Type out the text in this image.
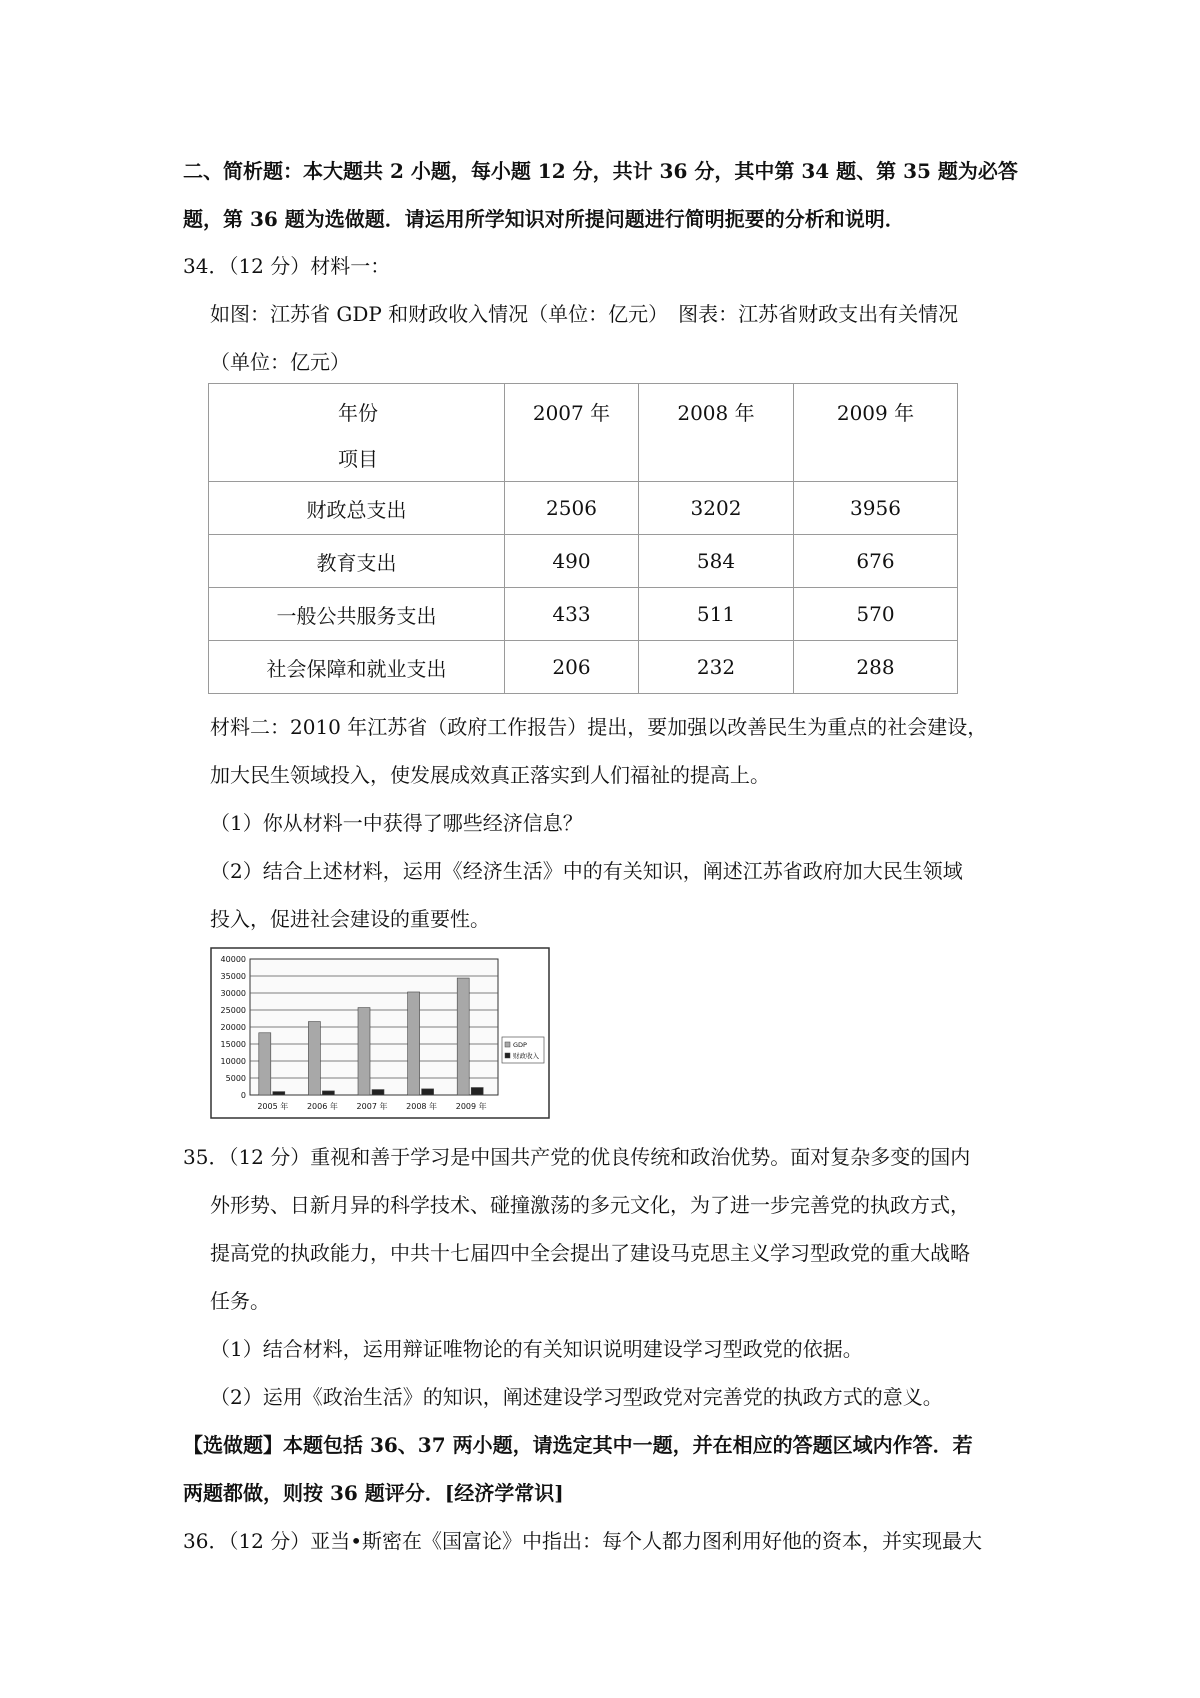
二、简析题：本大题共 2 小题，每小题 12 分，共计 36 分，其中第 34 题、第 35 题为必答
题，第 36 题为选做题．请运用所学知识对所提问题进行简明扼要的分析和说明．
34．（12 分）材料一：
如图：江苏省 GDP 和财政收入情况（单位：亿元）　图表：江苏省财政支出有关情况
（单位：亿元）
年份
项目	2007 年	2008 年	2009 年
财政总支出	2506	3202	3956
教育支出	490	584	676
一般公共服务支出	433	511	570
社会保障和就业支出	206	232	288
材料二：2010 年江苏省（政府工作报告）提出，要加强以改善民生为重点的社会建设，
加大民生领域投入，使发展成效真正落实到人们福祉的提高上。
（1）你从材料一中获得了哪些经济信息？
（2）结合上述材料，运用《经济生活》中的有关知识，阐述江苏省政府加大民生领域
投入，促进社会建设的重要性。
40000
35000
30000
25000
20000
15000
10000
5000
0
2005 年 2006 年 2007 年 2008 年 2009 年
GDP
财政收入
35．（12 分）重视和善于学习是中国共产党的优良传统和政治优势。面对复杂多变的国内
外形势、日新月异的科学技术、碰撞激荡的多元文化，为了进一步完善党的执政方式，
提高党的执政能力，中共十七届四中全会提出了建设马克思主义学习型政党的重大战略
任务。
（1）结合材料，运用辩证唯物论的有关知识说明建设学习型政党的依据。
（2）运用《政治生活》的知识，阐述建设学习型政党对完善党的执政方式的意义。
【选做题】本题包括 36、37 两小题，请选定其中一题，并在相应的答题区域内作答．若
两题都做，则按 36 题评分．[经济学常识]
36．（12 分）亚当•斯密在《国富论》中指出：每个人都力图利用好他的资本，并实现最大
